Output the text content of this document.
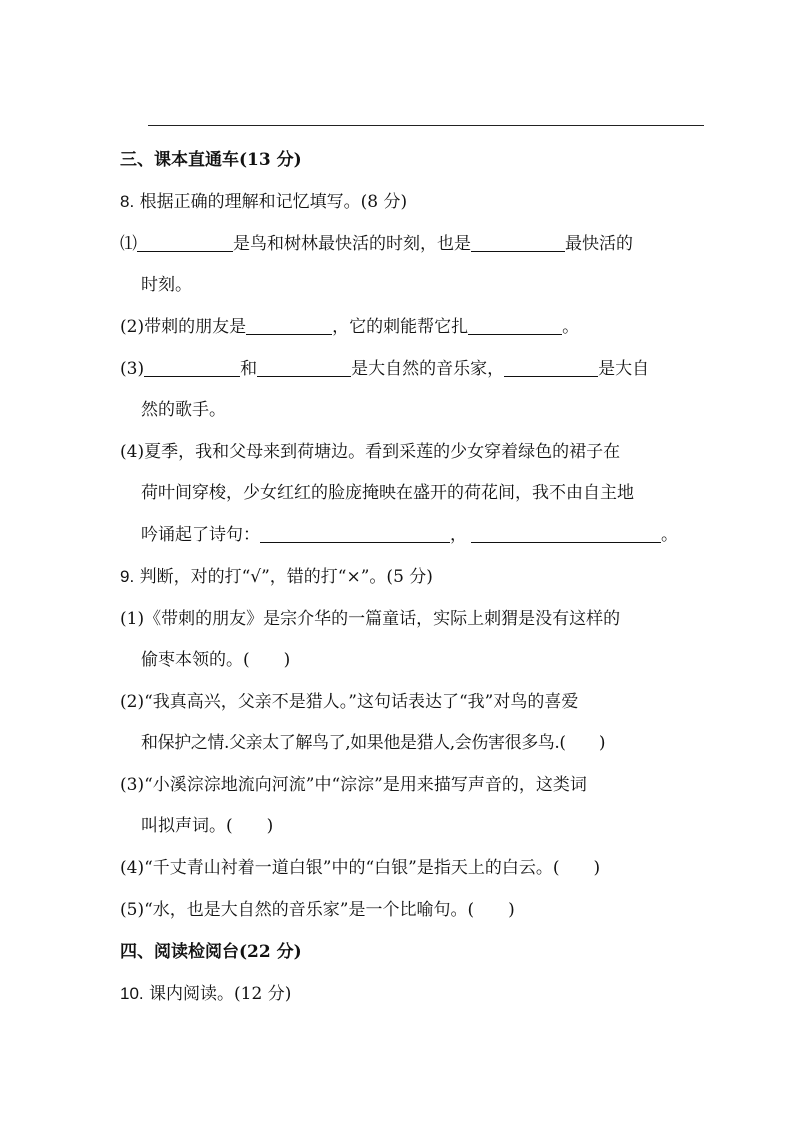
三、课本直通车(13 分)
8. 根据正确的理解和记忆填写。(8 分)
⑴	是鸟和树林最快活的时刻，也是	最快活的
时刻。
(2)带刺的朋友是	，它的刺能帮它扎	。
(3)	和	是大自然的音乐家，	是大自
然的歌手。
(4)夏季，我和父母来到荷塘边。看到采莲的少女穿着绿色的裙子在
荷叶间穿梭，少女红红的脸庞掩映在盛开的荷花间，我不由自主地
吟诵起了诗句：	，	。
9. 判断，对的打“√”，错的打“×”。(5 分)
(1)《带刺的朋友》是宗介华的一篇童话，实际上刺猬是没有这样的
偷枣本领的。(　　)
(2)“我真高兴，父亲不是猎人。”这句话表达了“我”对鸟的喜爱
和保护之情.父亲太了解鸟了,如果他是猎人,会伤害很多鸟.(　　)
(3)“小溪淙淙地流向河流”中“淙淙”是用来描写声音的，这类词
叫拟声词。(　　)
(4)“千丈青山衬着一道白银”中的“白银”是指天上的白云。(　　)
(5)“水，也是大自然的音乐家”是一个比喻句。(　　)
四、阅读检阅台(22 分)
10. 课内阅读。(12 分)
